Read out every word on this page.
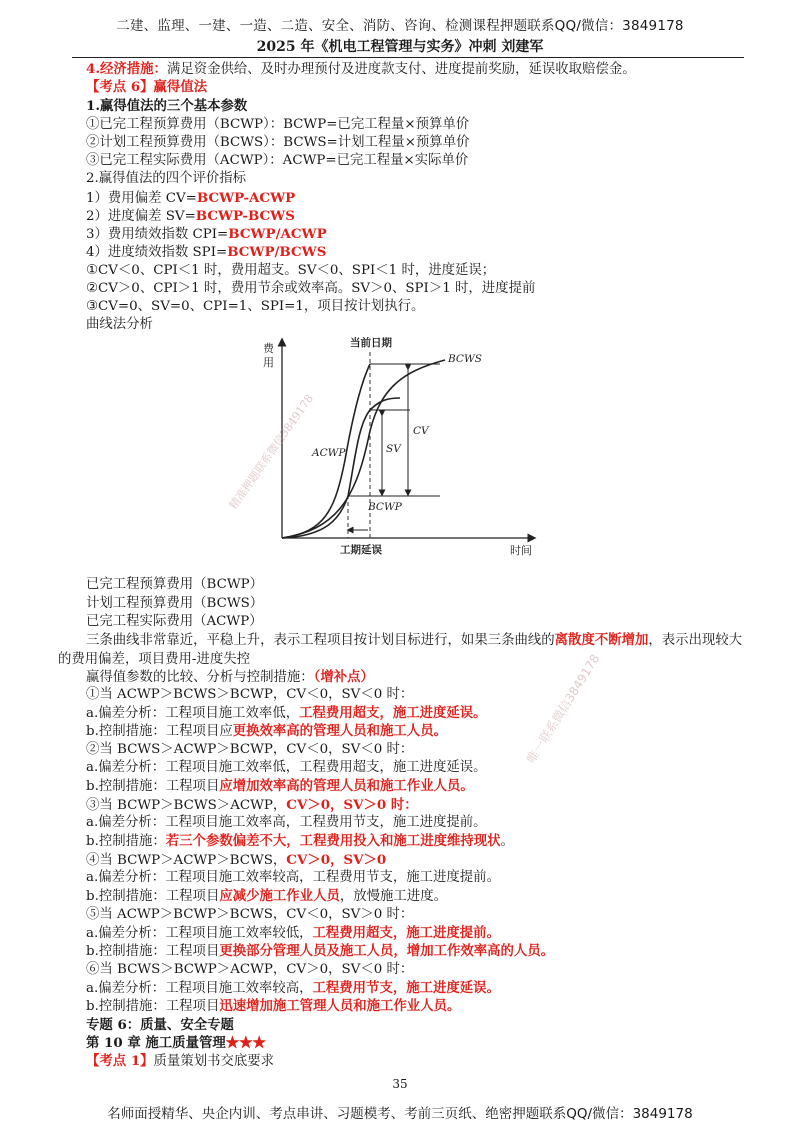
二建、监理、一建、一造、二造、安全、消防、咨询、检测课程押题联系QQ/微信：3849178
2025 年《机电工程管理与实务》冲刺 刘建军
4.经济措施：满足资金供给、及时办理预付及进度款支付、进度提前奖励，延误收取赔偿金。
【考点 6】赢得值法
1.赢得值法的三个基本参数
①已完工程预算费用（BCWP）：BCWP=已完工程量×预算单价
②计划工程预算费用（BCWS）：BCWS=计划工程量×预算单价
③已完工程实际费用（ACWP）：ACWP=已完工程量×实际单价
2.赢得值法的四个评价指标
1）费用偏差 CV=BCWP-ACWP
2）进度偏差 SV=BCWP-BCWS
3）费用绩效指数 CPI=BCWP/ACWP
4）进度绩效指数 SPI=BCWP/BCWS
①CV＜0、CPI＜1 时，费用超支。SV＜0、SPI＜1 时，进度延误；
②CV＞0、CPI＞1 时，费用节余或效率高。SV＞0、SPI＞1 时，进度提前
③CV=0、SV=0、CPI=1、SPI=1，项目按计划执行。
曲线法分析
费
用
时间
当前日期
工期延误
BCWS
ACWP
BCWP
CV
SV
精准押题联系微信3849178
已完工程预算费用（BCWP）
计划工程预算费用（BCWS）
已完工程实际费用（ACWP）
三条曲线非常靠近，平稳上升，表示工程项目按计划目标进行，如果三条曲线的离散度不断增加，表示出现较大的费用偏差，项目费用-进度失控
赢得值参数的比较、分析与控制措施：（增补点）
①当 ACWP＞BCWS＞BCWP，CV＜0，SV＜0 时：
a.偏差分析：工程项目施工效率低，工程费用超支，施工进度延误。
b.控制措施：工程项目应更换效率高的管理人员和施工人员。
②当 BCWS＞ACWP＞BCWP，CV＜0，SV＜0 时：
a.偏差分析：工程项目施工效率低，工程费用超支，施工进度延误。
b.控制措施：工程项目应增加效率高的管理人员和施工作业人员。
③当 BCWP＞BCWS＞ACWP，CV＞0，SV＞0 时：
a.偏差分析：工程项目施工效率高，工程费用节支，施工进度提前。
b.控制措施：若三个参数偏差不大，工程费用投入和施工进度维持现状。
④当 BCWP＞ACWP＞BCWS，CV＞0，SV＞0
a.偏差分析：工程项目施工效率较高，工程费用节支，施工进度提前。
b.控制措施：工程项目应减少施工作业人员，放慢施工进度。
⑤当 ACWP＞BCWP＞BCWS，CV＜0，SV＞0 时：
a.偏差分析：工程项目施工效率较低，工程费用超支，施工进度提前。
b.控制措施：工程项目更换部分管理人员及施工人员，增加工作效率高的人员。
⑥当 BCWS＞BCWP＞ACWP，CV＞0，SV＜0 时：
a.偏差分析：工程项目施工效率较高，工程费用节支，施工进度延误。
b.控制措施：工程项目迅速增加施工管理人员和施工作业人员。
专题 6：质量、安全专题
第 10 章 施工质量管理★★★
【考点 1】质量策划书交底要求
35
名师面授精华、央企内训、考点串讲、习题模考、考前三页纸、绝密押题联系QQ/微信：3849178
唯一联系微信3849178
